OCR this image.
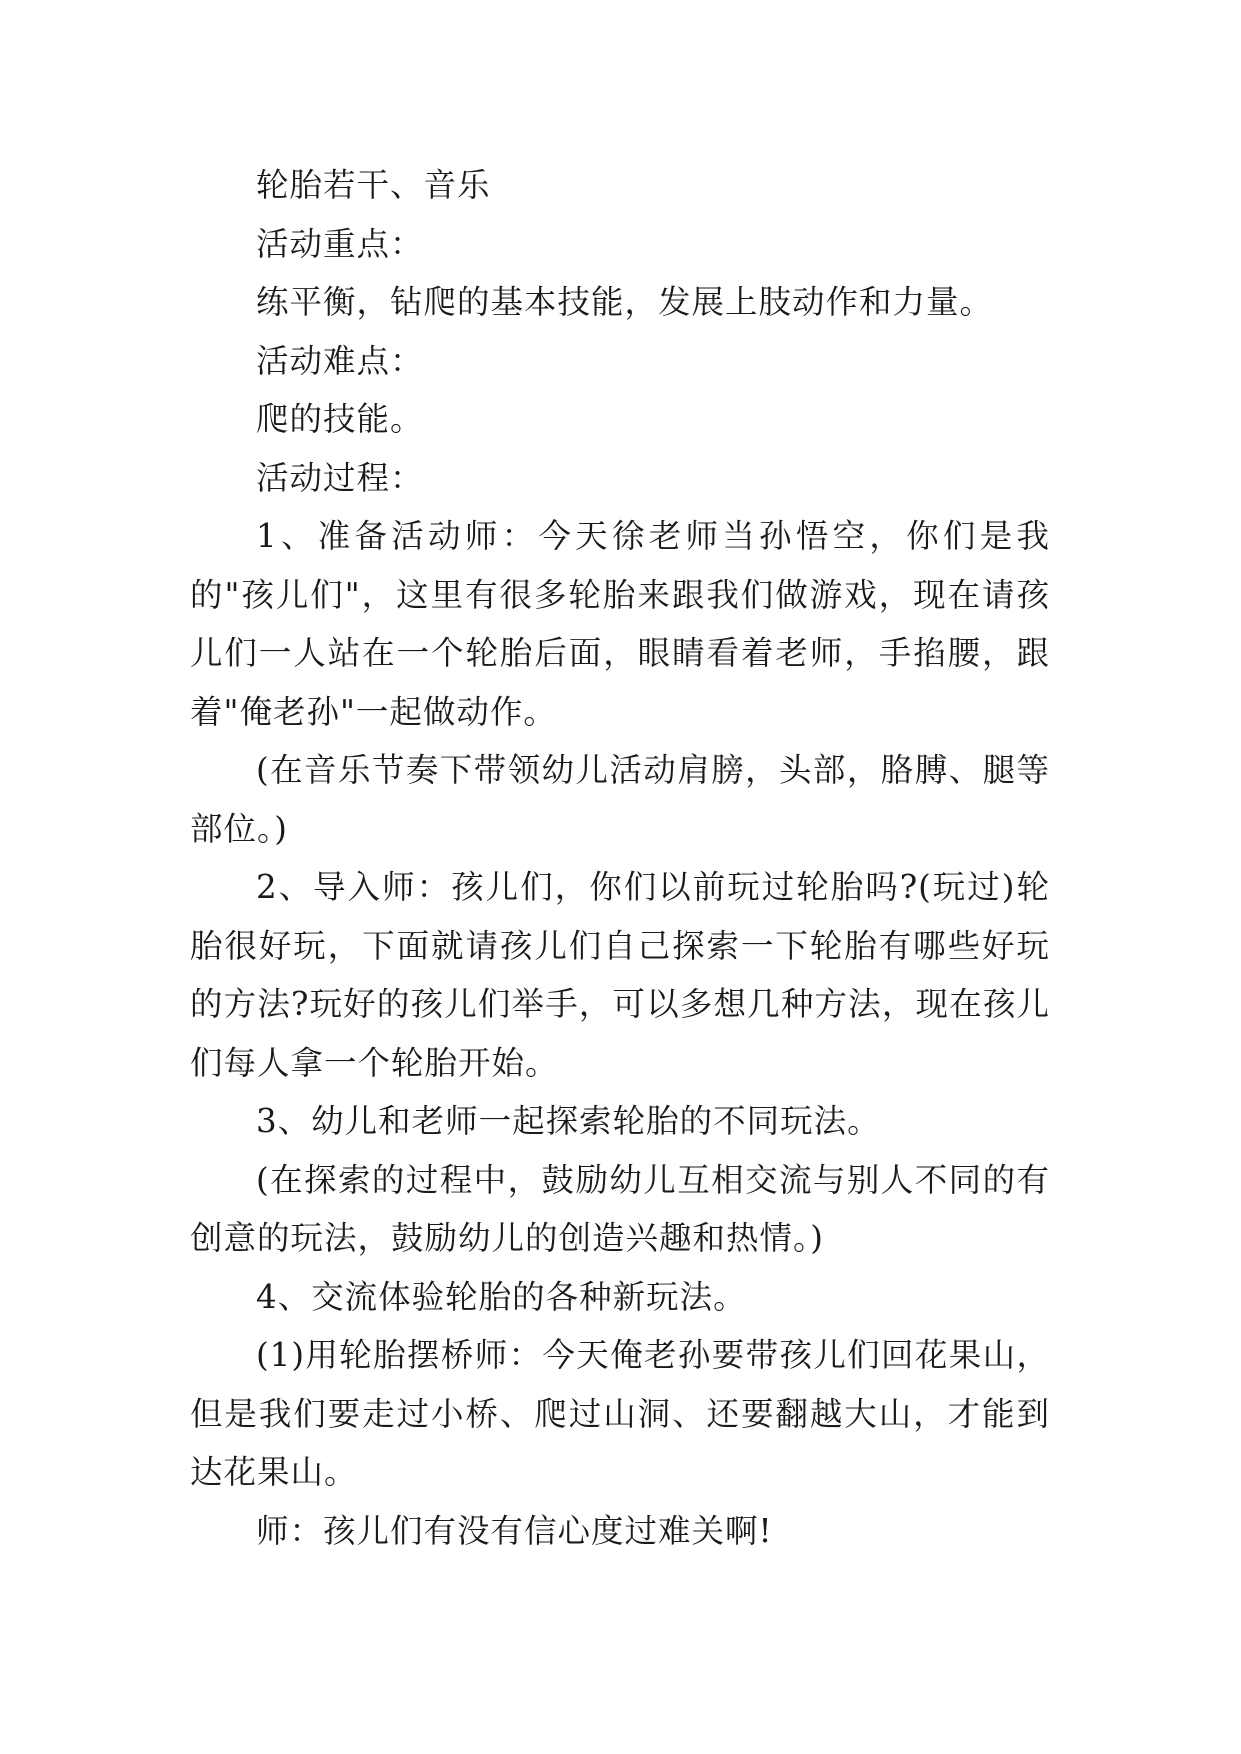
轮胎若干、音乐

活动重点：

练平衡，钻爬的基本技能，发展上肢动作和力量。

活动难点：

爬的技能。

活动过程：

1、准备活动师：今天徐老师当孙悟空，你们是我的"孩儿们"，这里有很多轮胎来跟我们做游戏，现在请孩儿们一人站在一个轮胎后面，眼睛看着老师，手掐腰，跟着"俺老孙"一起做动作。

(在音乐节奏下带领幼儿活动肩膀，头部，胳膊、腿等部位。)

2、导入师：孩儿们，你们以前玩过轮胎吗?(玩过)轮胎很好玩，下面就请孩儿们自己探索一下轮胎有哪些好玩的方法?玩好的孩儿们举手，可以多想几种方法，现在孩儿们每人拿一个轮胎开始。

3、幼儿和老师一起探索轮胎的不同玩法。

(在探索的过程中，鼓励幼儿互相交流与别人不同的有创意的玩法，鼓励幼儿的创造兴趣和热情。)

4、交流体验轮胎的各种新玩法。

(1)用轮胎摆桥师：今天俺老孙要带孩儿们回花果山，但是我们要走过小桥、爬过山洞、还要翻越大山，才能到达花果山。

师：孩儿们有没有信心度过难关啊!
